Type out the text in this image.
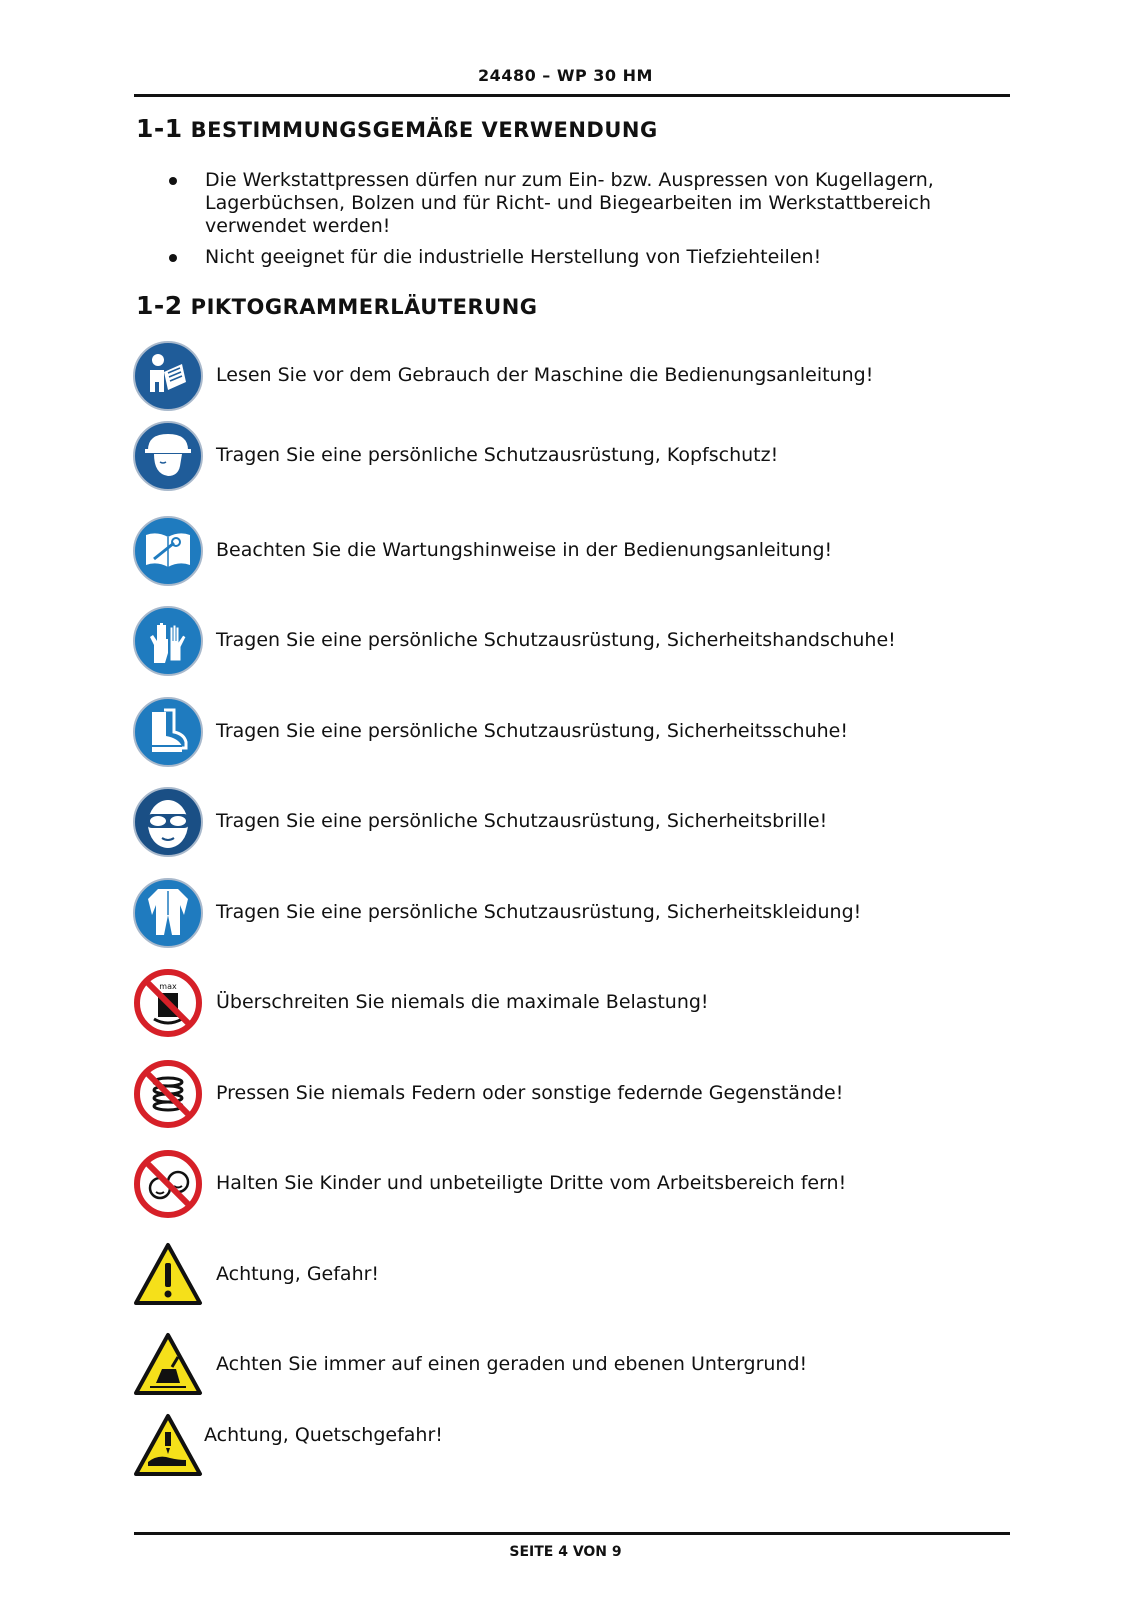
24480 – WP 30 HM
1-1 BESTIMMUNGSGEMÄßE VERWENDUNG
Die Werkstattpressen dürfen nur zum Ein- bzw. Auspressen von Kugellagern, Lagerbüchsen, Bolzen und für Richt- und Biegearbeiten im Werkstattbereich verwendet werden!
Nicht geeignet für die industrielle Herstellung von Tiefziehteilen!
1-2 PIKTOGRAMMERLÄUTERUNG
Lesen Sie vor dem Gebrauch der Maschine die Bedienungsanleitung!
Tragen Sie eine persönliche Schutzausrüstung, Kopfschutz!
Beachten Sie die Wartungshinweise in der Bedienungsanleitung!
Tragen Sie eine persönliche Schutzausrüstung, Sicherheitshandschuhe!
Tragen Sie eine persönliche Schutzausrüstung, Sicherheitsschuhe!
Tragen Sie eine persönliche Schutzausrüstung, Sicherheitsbrille!
Tragen Sie eine persönliche Schutzausrüstung, Sicherheitskleidung!
max
Überschreiten Sie niemals die maximale Belastung!
Pressen Sie niemals Federn oder sonstige federnde Gegenstände!
Halten Sie Kinder und unbeteiligte Dritte vom Arbeitsbereich fern!
Achtung, Gefahr!
Achten Sie immer auf einen geraden und ebenen Untergrund!
Achtung, Quetschgefahr!
SEITE 4 VON 9
